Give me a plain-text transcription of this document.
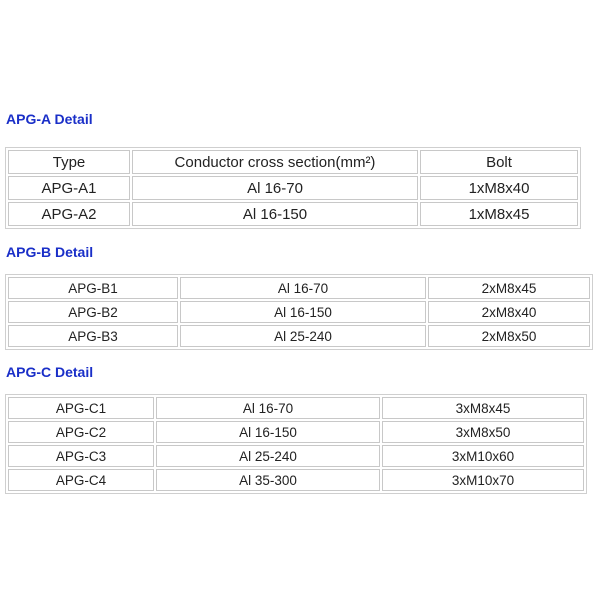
APG-A Detail
Type	Conductor cross section(mm²)	Bolt
APG-A1	Al 16-70	1xM8x40
APG-A2	Al 16-150	1xM8x45
APG-B Detail
APG-B1	Al 16-70	2xM8x45
APG-B2	Al 16-150	2xM8x40
APG-B3	Al 25-240	2xM8x50
APG-C Detail
APG-C1	Al 16-70	3xM8x45
APG-C2	Al 16-150	3xM8x50
APG-C3	Al 25-240	3xM10x60
APG-C4	Al 35-300	3xM10x70
